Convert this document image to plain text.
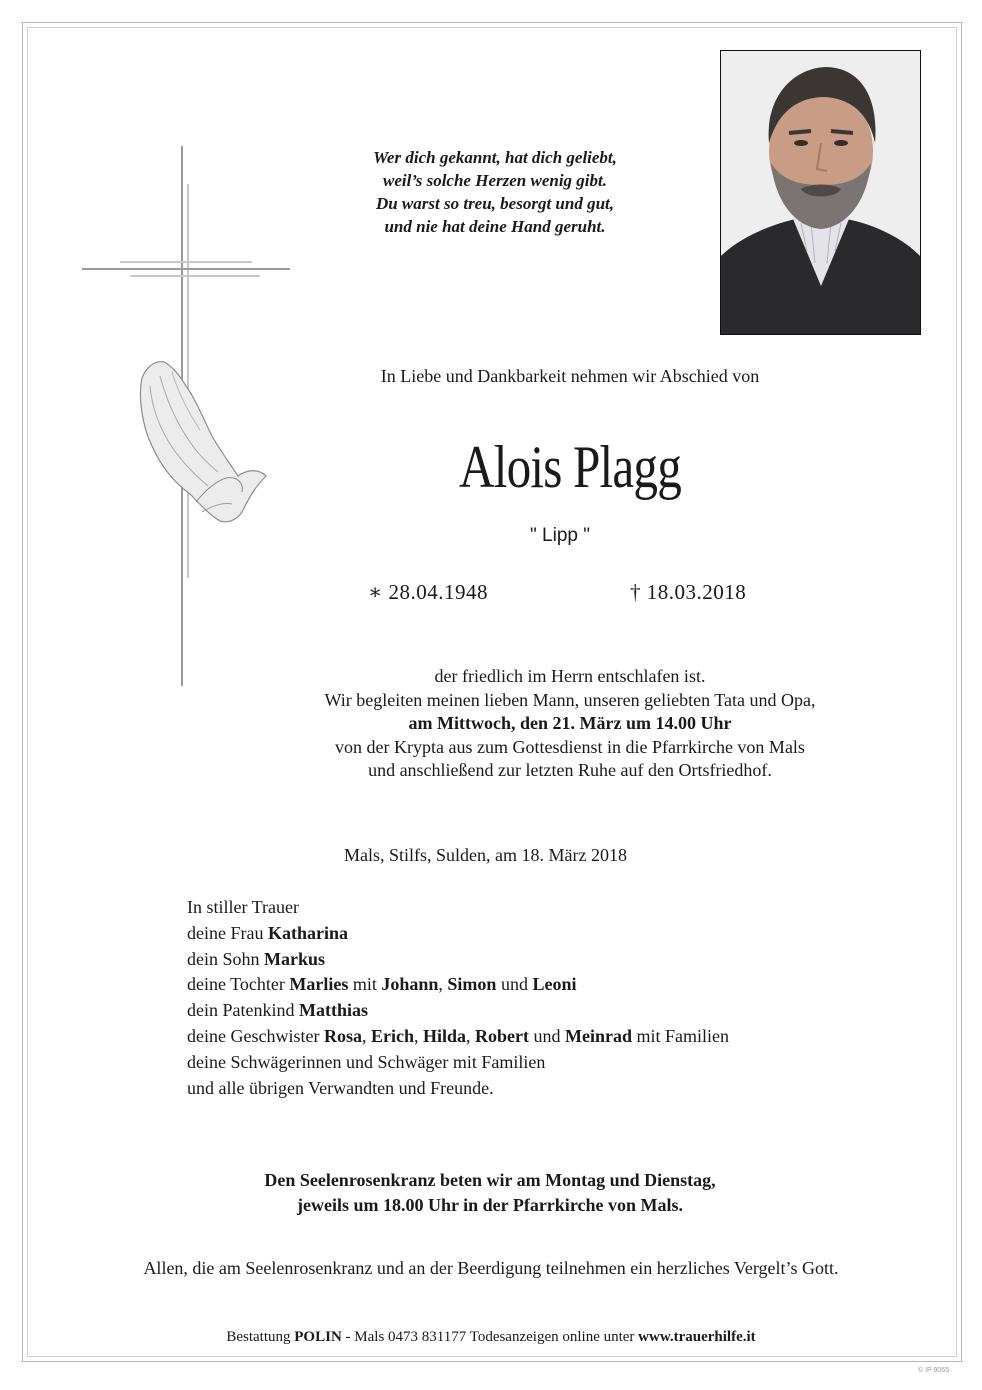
Wer dich gekannt, hat dich geliebt,
weil’s solche Herzen wenig gibt.
Du warst so treu, besorgt und gut,
und nie hat deine Hand geruht.
In Liebe und Dankbarkeit nehmen wir Abschied von
Alois Plagg
" Lipp "
∗ 28.04.1948	† 18.03.2018
der friedlich im Herrn entschlafen ist.
Wir begleiten meinen lieben Mann, unseren geliebten Tata und Opa,
am Mittwoch, den 21. März um 14.00 Uhr
von der Krypta aus zum Gottesdienst in die Pfarrkirche von Mals
und anschließend zur letzten Ruhe auf den Ortsfriedhof.
Mals, Stilfs, Sulden, am 18. März 2018
In stiller Trauer
deine Frau Katharina
dein Sohn Markus
deine Tochter Marlies mit Johann, Simon und Leoni
dein Patenkind Matthias
deine Geschwister Rosa, Erich, Hilda, Robert und Meinrad mit Familien
deine Schwägerinnen und Schwäger mit Familien
und alle übrigen Verwandten und Freunde.
Den Seelenrosenkranz beten wir am Montag und Dienstag,
jeweils um 18.00 Uhr in der Pfarrkirche von Mals.
Allen, die am Seelenrosenkranz und an der Beerdigung teilnehmen ein herzliches Vergelt’s Gott.
Bestattung POLIN - Mals 0473 831177 Todesanzeigen online unter www.trauerhilfe.it
© IP 9065
